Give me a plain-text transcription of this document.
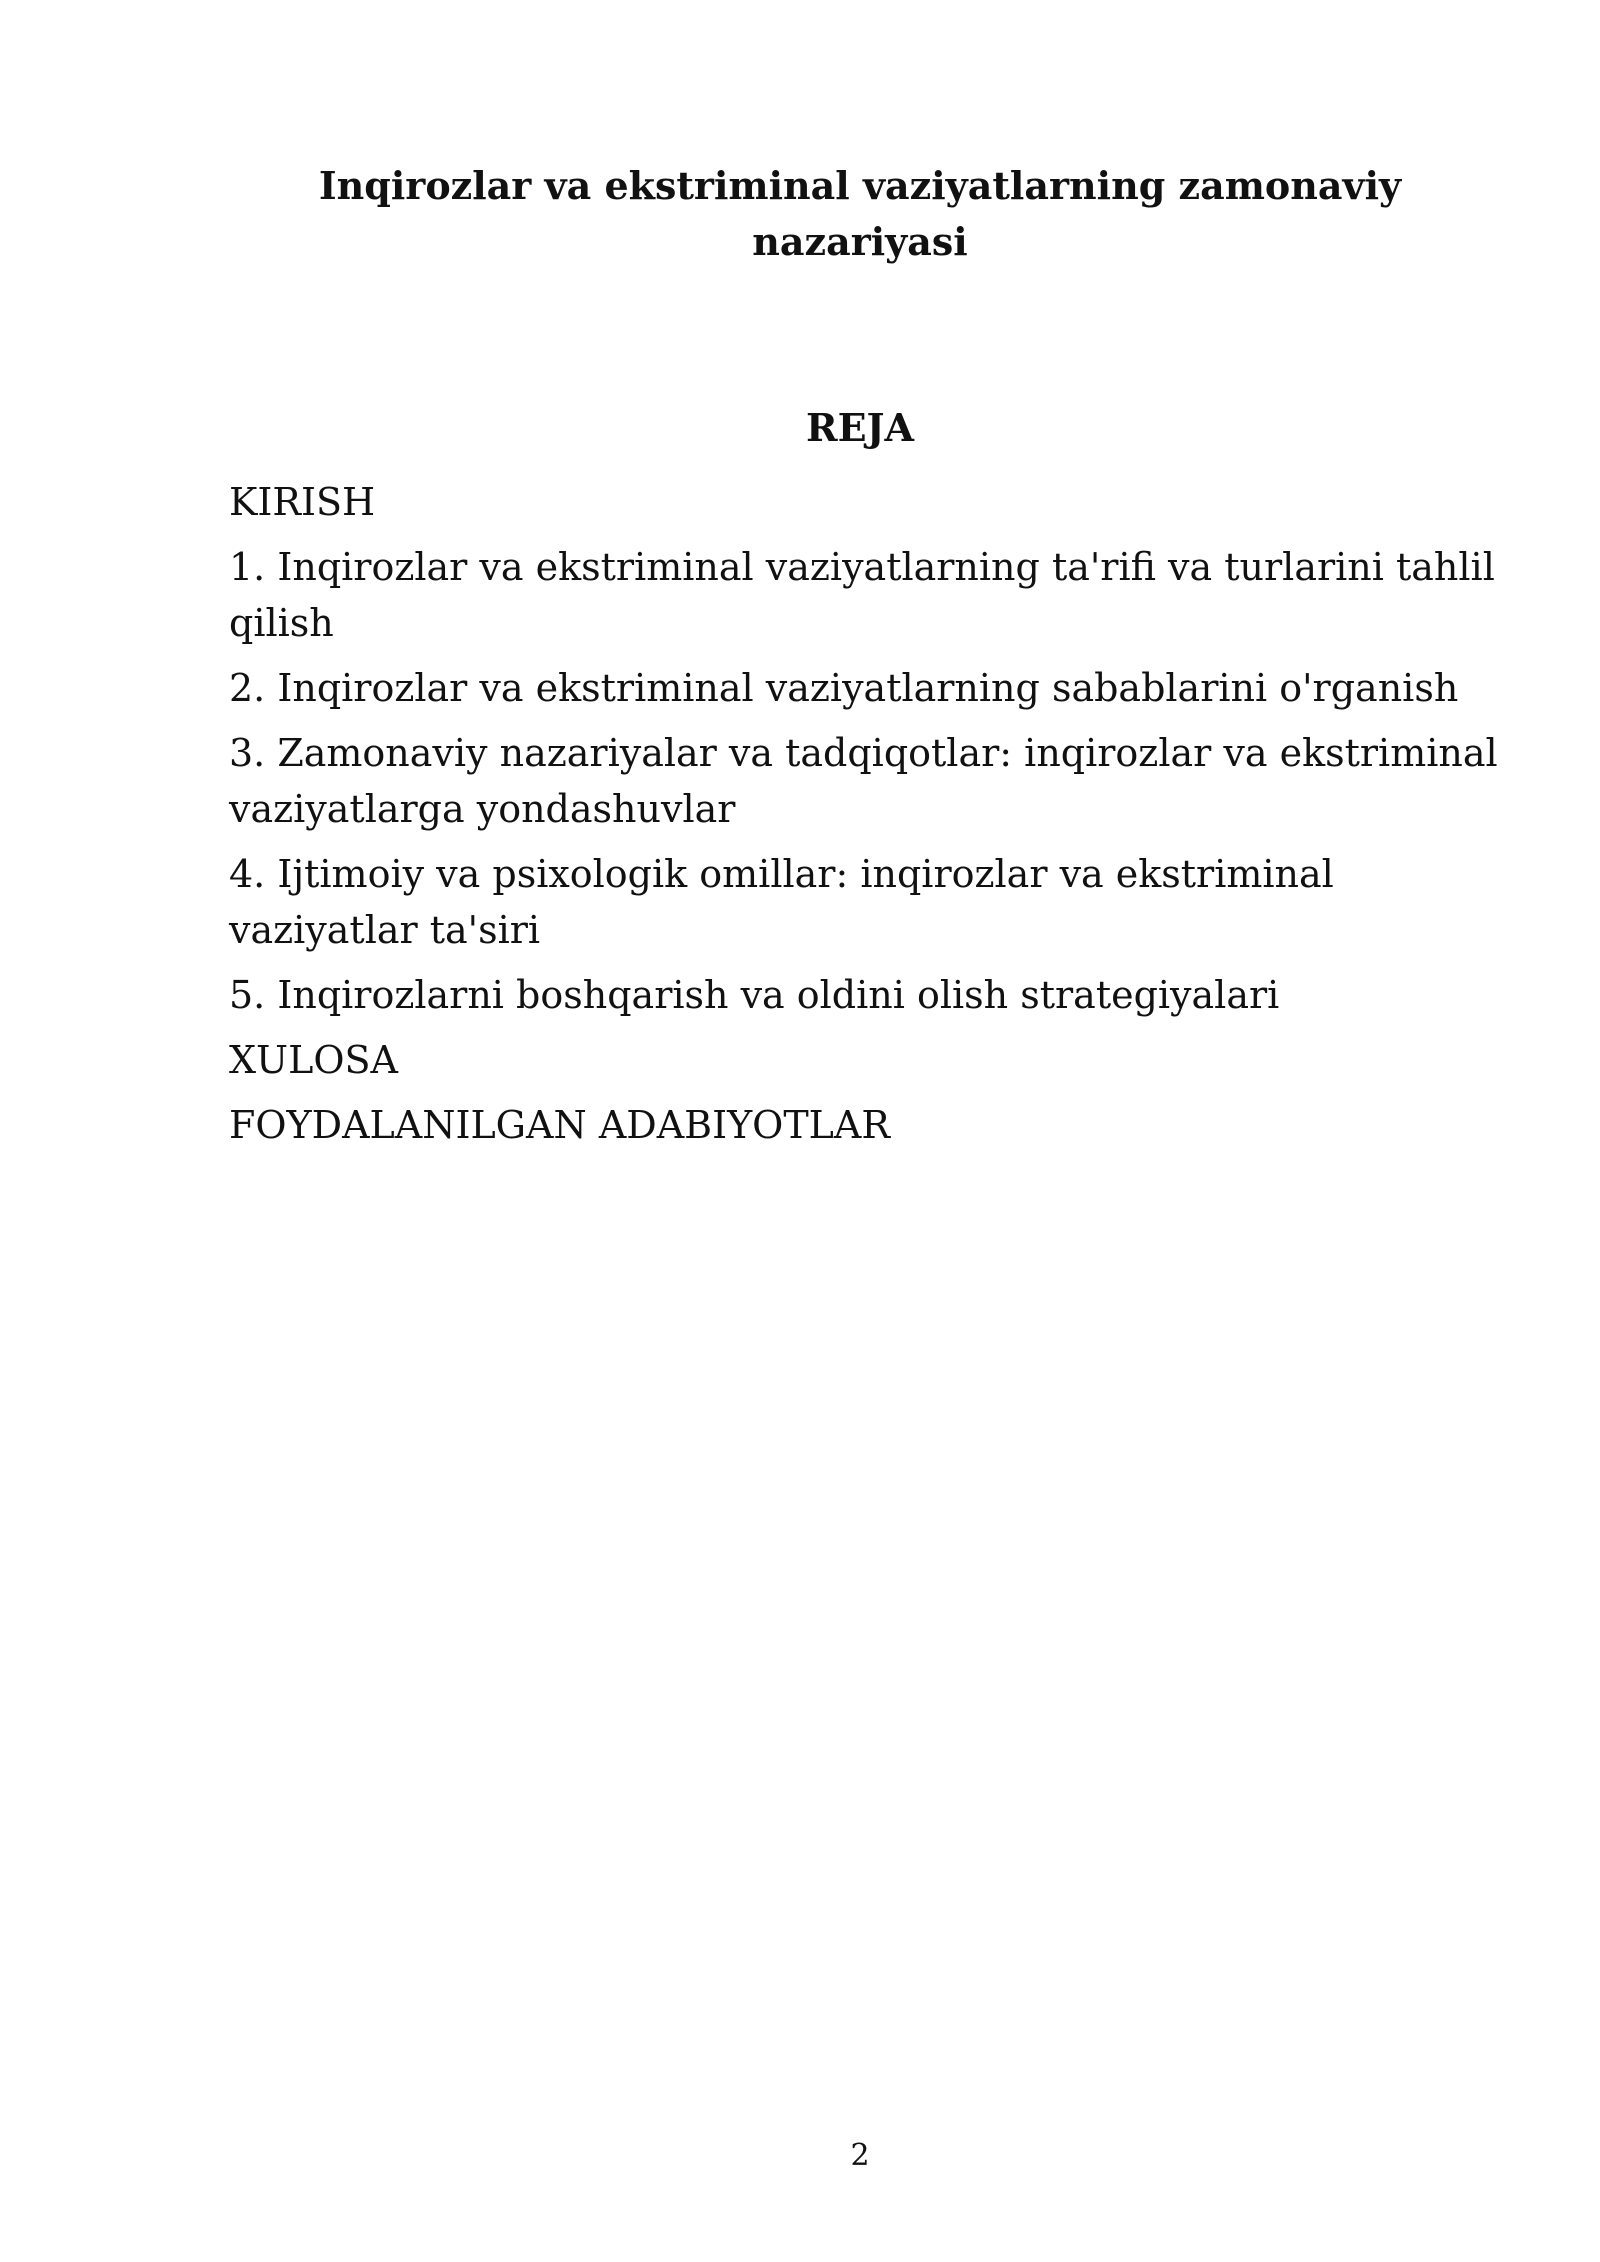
Inqirozlar va ekstriminal vaziyatlarning zamonaviy
nazariyasi
REJA
KIRISH
1. Inqirozlar va ekstriminal vaziyatlarning ta'rifi va turlarini tahlil qilish
2. Inqirozlar va ekstriminal vaziyatlarning sabablarini o'rganish
3. Zamonaviy nazariyalar va tadqiqotlar: inqirozlar va ekstriminal vaziyatlarga yondashuvlar
4. Ijtimoiy va psixologik omillar: inqirozlar va ekstriminal vaziyatlar ta'siri
5. Inqirozlarni boshqarish va oldini olish strategiyalari
XULOSA
FOYDALANILGAN ADABIYOTLAR
2
